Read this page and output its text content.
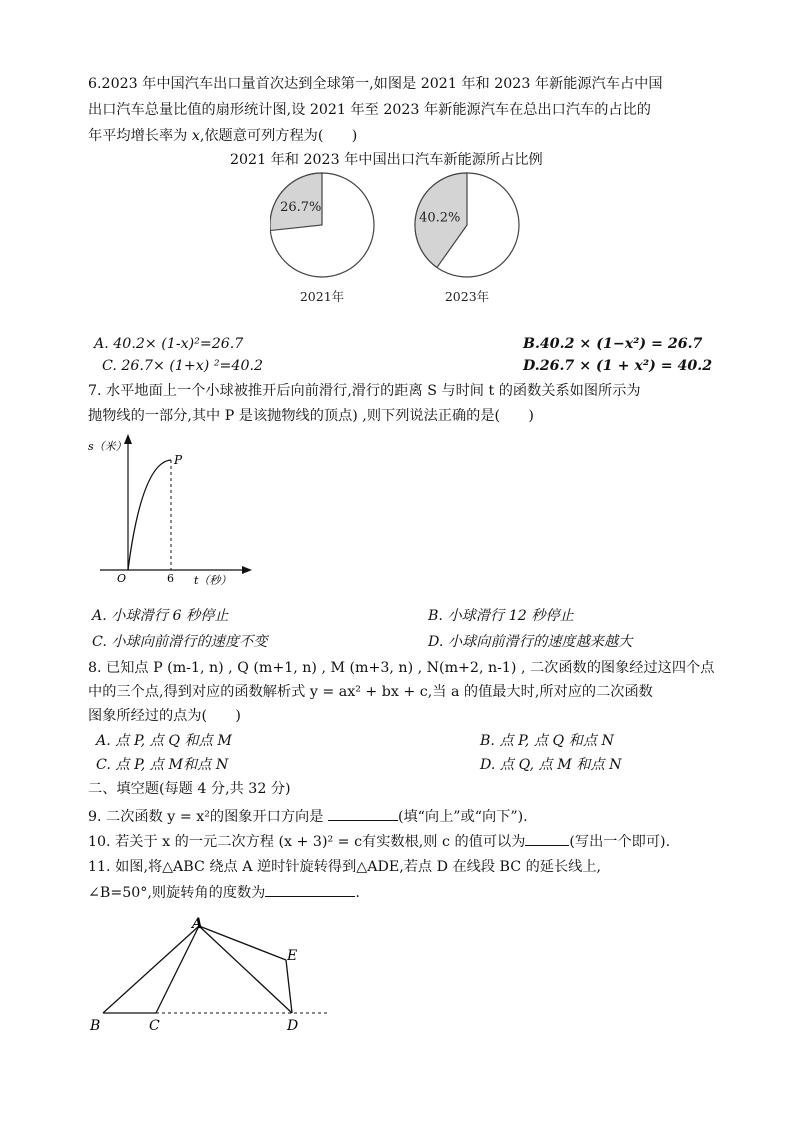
6.2023 年中国汽车出口量首次达到全球第一,如图是 2021 年和 2023 年新能源汽车占中国
出口汽车总量比值的扇形统计图,设 2021 年至 2023 年新能源汽车在总出口汽车的占比的
年平均增长率为 x,依题意可列方程为(　　)
2021 年和 2023 年中国出口汽车新能源所占比例
26.7%
2021年
40.2%
2023年
A. 40.2× (1-x)²=26.7	B.40.2 × (1−x²) = 26.7
C. 26.7× (1+x) ²=40.2	D.26.7 × (1 + x²) = 40.2
7. 水平地面上一个小球被推开后向前滑行,滑行的距离 S 与时间 t 的函数关系如图所示为
抛物线的一部分,其中 P 是该抛物线的顶点) ,则下列说法正确的是(　　)
s（米）
P
O	6 t（秒）
A. 小球滑行 6 秒停止	B. 小球滑行 12 秒停止
C. 小球向前滑行的速度不变	D. 小球向前滑行的速度越来越大
8. 已知点 P (m-1, n) , Q (m+1, n) , M (m+3, n) , N(m+2, n-1) , 二次函数的图象经过这四个点
中的三个点,得到对应的函数解析式 y = ax² + bx + c,当 a 的值最大时,所对应的二次函数
图象所经过的点为(　　)
A. 点 P, 点 Q 和点 M	B. 点 P, 点 Q 和点 N
C. 点 P, 点 M和点 N	D. 点 Q, 点 M 和点 N
二、填空题(每题 4 分,共 32 分)
9. 二次函数 y = x²的图象开口方向是	(填“向上”或“向下”).
10. 若关于 x 的一元二次方程 (x + 3)² = c有实数根,则 c 的值可以为	(写出一个即可).
11. 如图,将△ABC 绕点 A 逆时针旋转得到△ADE,若点 D 在线段 BC 的延长线上,
∠B=50°,则旋转角的度数为	.
A
B	C	D
E
